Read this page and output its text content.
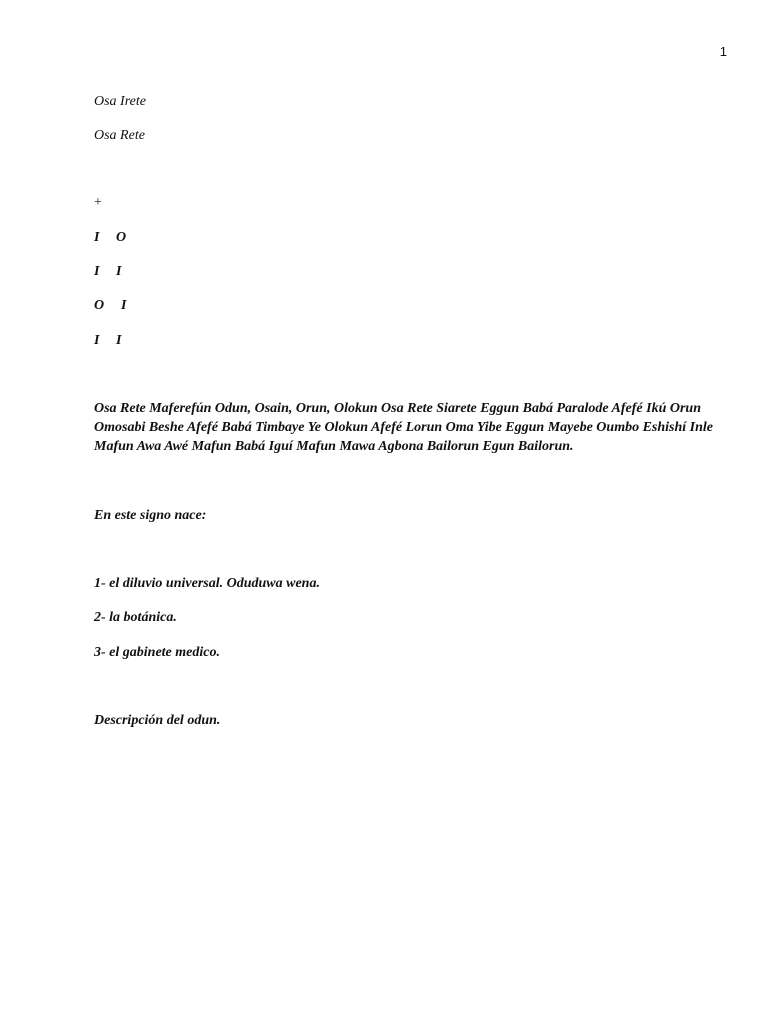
1
Osa Irete
Osa Rete
+
I O
I I
O I
I I
Osa Rete Maferefún Odun, Osain, Orun, Olokun Osa Rete Siarete Eggun Babá Paralode Afefé Ikú Orun
Omosabi Beshe Afefé Babá Timbaye Ye Olokun Afefé Lorun Oma Yibe Eggun Mayebe Oumbo Eshishí Inle
Mafun Awa Awé Mafun Babá Iguí Mafun Mawa Agbona Bailorun Egun Bailorun.
En este signo nace:
1- el diluvio universal. Oduduwa wena.
2- la botánica.
3- el gabinete medico.
Descripción del odun.
